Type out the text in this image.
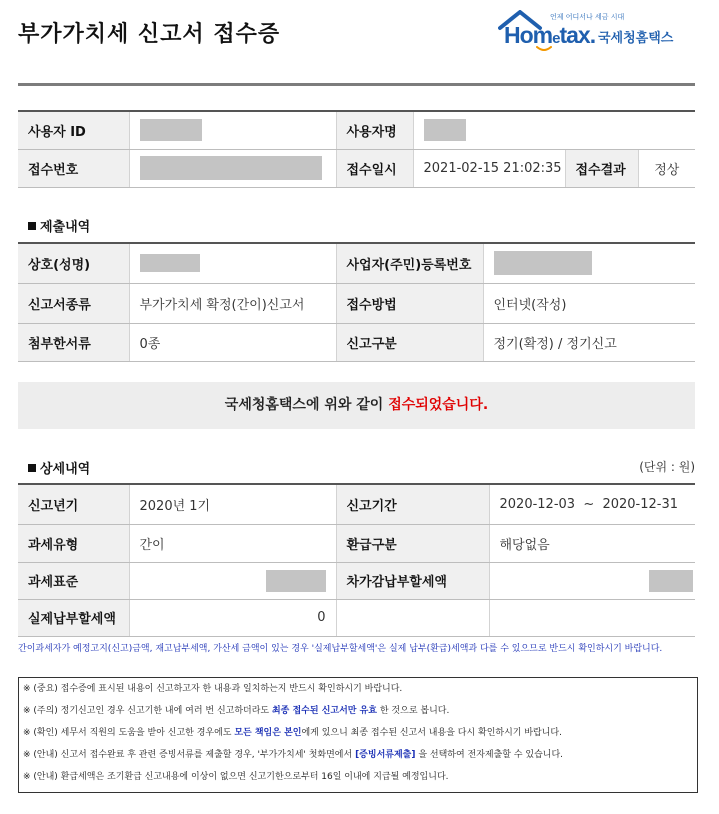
부가가치세 신고서 접수증
언제 어디서나 세금 시대
Hometax. 국세청홈택스
사용자 ID		사용자명			
접수번호		접수일시	2021-02-15 21:02:35	접수결과	정상
제출내역
상호(성명)		사업자(주민)등록번호	
신고서종류	부가가치세 확정(간이)신고서	접수방법	인터넷(작성)
첨부한서류	0종	신고구분	정기(확정) / 정기신고
국세청홈택스에 위와 같이 접수되었습니다.
상세내역	(단위 : 원)
신고년기	2020년 1기	신고기간	2020-12-03  ~  2020-12-31
과세유형	간이	환급구분	해당없음
과세표준		차가감납부할세액	
실제납부할세액	0		
간이과세자가 예정고지(신고)금액, 재고납부세액, 가산세 금액이 있는 경우 '실제납부할세액'은 실제 납부(환급)세액과 다를 수 있으므로 반드시 확인하시기 바랍니다.
※ (중요) 접수증에 표시된 내용이 신고하고자 한 내용과 일치하는지 반드시 확인하시기 바랍니다.
※ (주의) 정기신고인 경우 신고기한 내에 여러 번 신고하더라도 최종 접수된 신고서만 유효 한 것으로 봅니다.
※ (확인) 세무서 직원의 도움을 받아 신고한 경우에도 모든 책임은 본인에게 있으니 최종 접수된 신고서 내용을 다시 확인하시기 바랍니다.
※ (안내) 신고서 접수완료 후 관련 증빙서류를 제출할 경우, '부가가치세' 첫화면에서 [증빙서류제출] 을 선택하여 전자제출할 수 있습니다.
※ (안내) 환급세액은 조기환급 신고내용에 이상이 없으면 신고기한으로부터 16일 이내에 지급될 예정입니다.
